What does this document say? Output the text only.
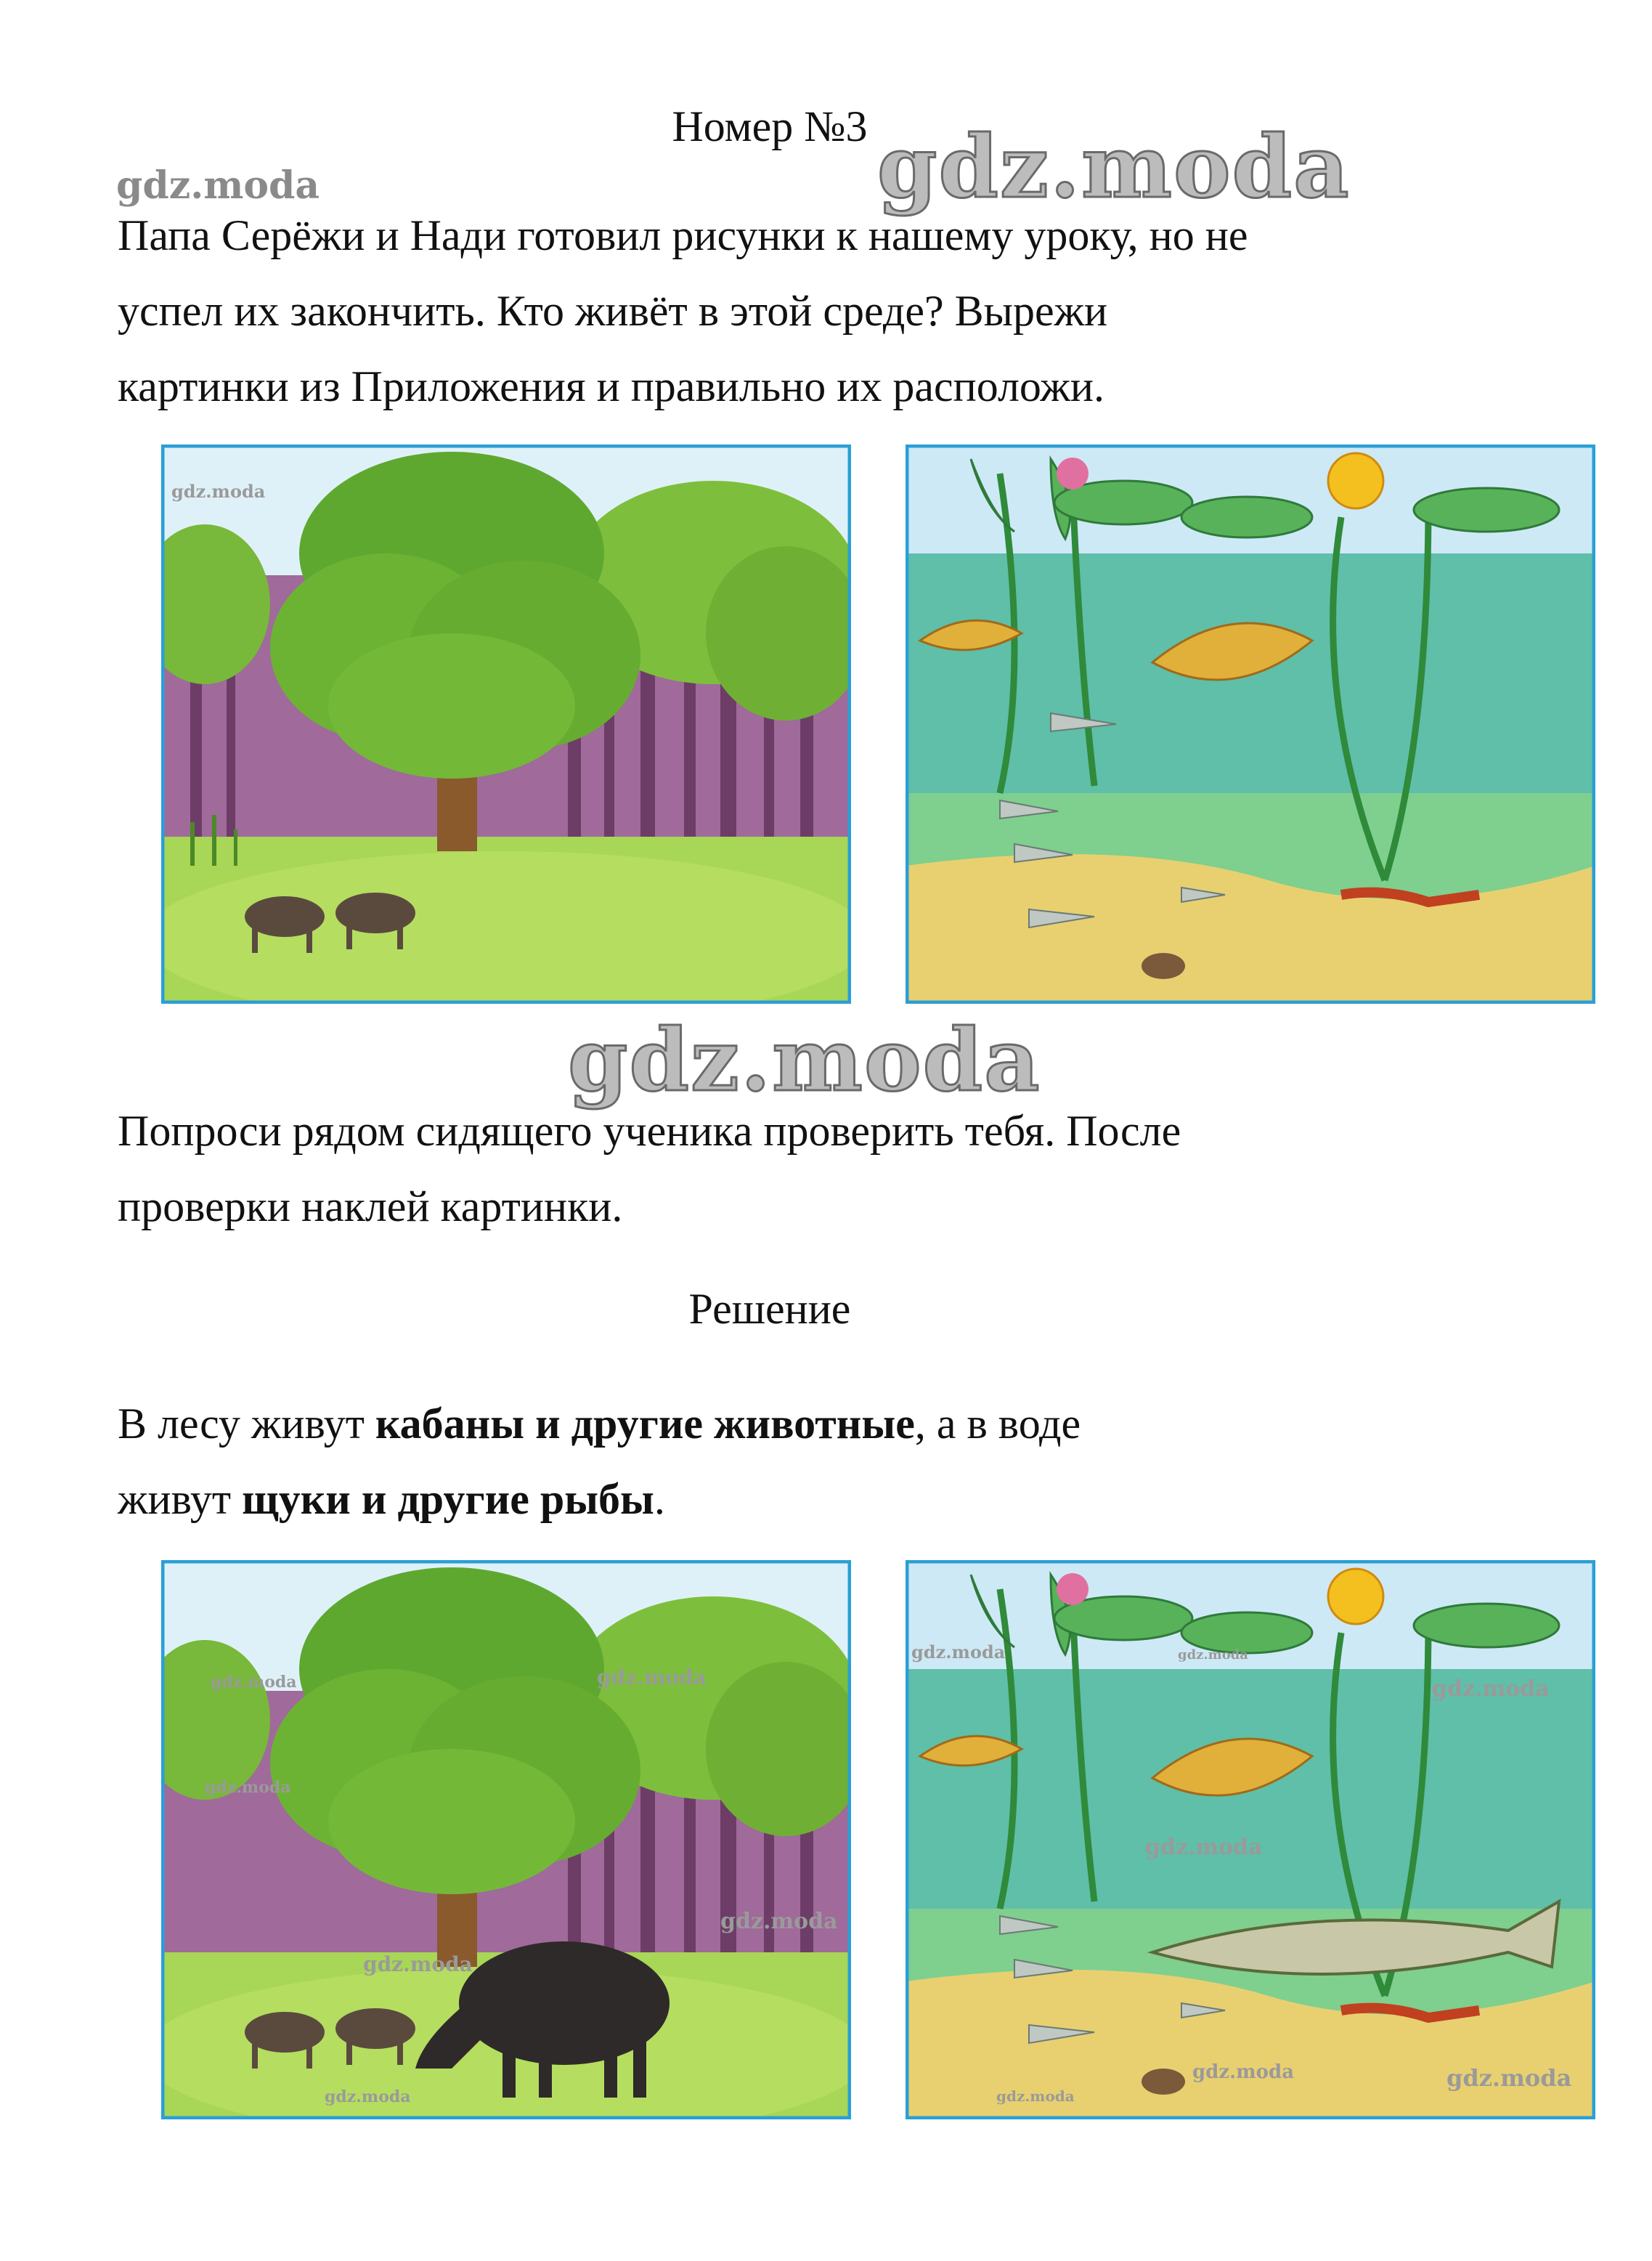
Номер №3
gdz.moda	gdz.moda
Папа Серёжи и Нади готовил рисунки к нашему уроку, но не
успел их закончить. Кто живёт в этой среде? Вырежи
картинки из Приложения и правильно их расположи.
gdz.moda
gdz.moda
Попроси рядом сидящего ученика проверить тебя. После
проверки наклей картинки.
Решение
В лесу живут кабаны и другие животные, а в воде
живут щуки и другие рыбы.
gdz.moda
gdz.moda
gdz.moda
gdz.moda
gdz.moda
gdz.moda
gdz.moda	gdz.moda
gdz.moda
gdz.moda
gdz.moda	gdz.moda
gdz.moda
